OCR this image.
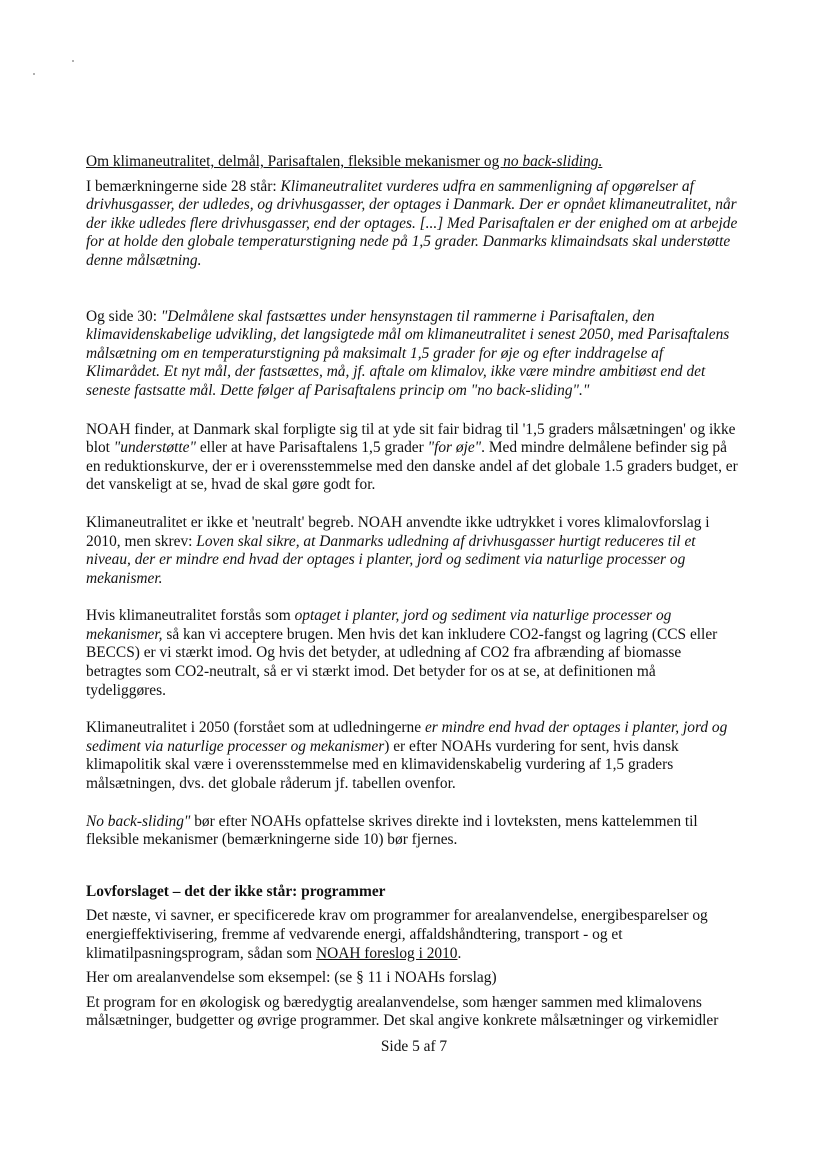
Om klimaneutralitet, delmål, Parisaftalen, fleksible mekanismer og no back-sliding.

I bemærkningerne side 28 står: Klimaneutralitet vurderes udfra en sammenligning af opgørelser af drivhusgasser, der udledes, og drivhusgasser, der optages i Danmark. Der er opnået klimaneutralitet, når der ikke udledes flere drivhusgasser, end der optages. [...] Med Parisaftalen er der enighed om at arbejde for at holde den globale temperaturstigning nede på 1,5 grader. Danmarks klimaindsats skal understøtte denne målsætning.

Og side 30: "Delmålene skal fastsættes under hensynstagen til rammerne i Parisaftalen, den klimavidenskabelige udvikling, det langsigtede mål om klimaneutralitet i senest 2050, med Parisaftalens målsætning om en temperaturstigning på maksimalt 1,5 grader for øje og efter inddragelse af Klimarådet. Et nyt mål, der fastsættes, må, jf. aftale om klimalov, ikke være mindre ambitiøst end det seneste fastsatte mål. Dette følger af Parisaftalens princip om "no back-sliding"."

NOAH finder, at Danmark skal forpligte sig til at yde sit fair bidrag til '1,5 graders målsætningen' og ikke blot "understøtte" eller at have Parisaftalens 1,5 grader "for øje". Med mindre delmålene befinder sig på en reduktionskurve, der er i overensstemmelse med den danske andel af det globale 1.5 graders budget, er det vanskeligt at se, hvad de skal gøre godt for.

Klimaneutralitet er ikke et 'neutralt' begreb. NOAH anvendte ikke udtrykket i vores klimalovforslag i 2010, men skrev: Loven skal sikre, at Danmarks udledning af drivhusgasser hurtigt reduceres til et niveau, der er mindre end hvad der optages i planter, jord og sediment via naturlige processer og mekanismer.

Hvis klimaneutralitet forstås som optaget i planter, jord og sediment via naturlige processer og mekanismer, så kan vi acceptere brugen. Men hvis det kan inkludere CO2-fangst og lagring (CCS eller BECCS) er vi stærkt imod. Og hvis det betyder, at udledning af CO2 fra afbrænding af biomasse betragtes som CO2-neutralt, så er vi stærkt imod. Det betyder for os at se, at definitionen må tydeliggøres.

Klimaneutralitet i 2050 (forstået som at udledningerne er mindre end hvad der optages i planter, jord og sediment via naturlige processer og mekanismer) er efter NOAHs vurdering for sent, hvis dansk klimapolitik skal være i overensstemmelse med en klimavidenskabelig vurdering af 1,5 graders målsætningen, dvs. det globale råderum jf. tabellen ovenfor.

No back-sliding" bør efter NOAHs opfattelse skrives direkte ind i lovteksten, mens kattelemmen til fleksible mekanismer (bemærkningerne side 10) bør fjernes.

Lovforslaget – det der ikke står: programmer

Det næste, vi savner, er specificerede krav om programmer for arealanvendelse, energibesparelser og energieffektivisering, fremme af vedvarende energi, affaldshåndtering, transport - og et klimatilpasningsprogram, sådan som NOAH foreslog i 2010.

Her om arealanvendelse som eksempel: (se § 11 i NOAHs forslag)

Et program for en økologisk og bæredygtig arealanvendelse, som hænger sammen med klimalovens målsætninger, budgetter og øvrige programmer. Det skal angive konkrete målsætninger og virkemidler

Side 5 af 7
